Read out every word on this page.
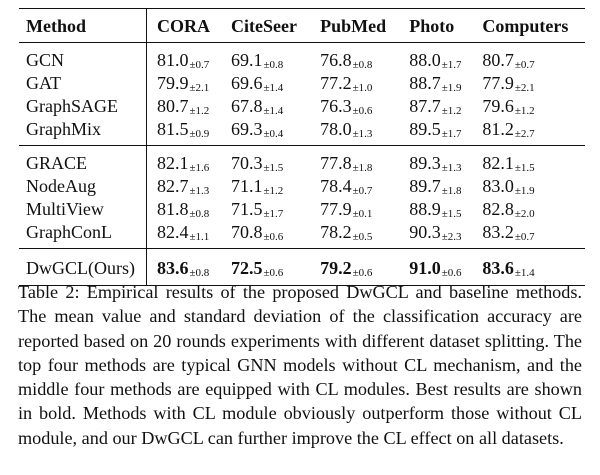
Method	CORA	CiteSeer	PubMed	Photo	Computers
GCN	81.0±0.7	69.1±0.8	76.8±0.8	88.0±1.7	80.7±0.7
GAT	79.9±2.1	69.6±1.4	77.2±1.0	88.7±1.9	77.9±2.1
GraphSAGE	80.7±1.2	67.8±1.4	76.3±0.6	87.7±1.2	79.6±1.2
GraphMix	81.5±0.9	69.3±0.4	78.0±1.3	89.5±1.7	81.2±2.7
GRACE	82.1±1.6	70.3±1.5	77.8±1.8	89.3±1.3	82.1±1.5
NodeAug	82.7±1.3	71.1±1.2	78.4±0.7	89.7±1.8	83.0±1.9
MultiView	81.8±0.8	71.5±1.7	77.9±0.1	88.9±1.5	82.8±2.0
GraphConL	82.4±1.1	70.8±0.6	78.2±0.5	90.3±2.3	83.2±0.7
DwGCL(Ours)	83.6±0.8	72.5±0.6	79.2±0.6	91.0±0.6	83.6±1.4

Table 2: Empirical results of the proposed DwGCL and baseline methods. The mean value and standard deviation of the classification accuracy are reported based on 20 rounds experiments with different dataset splitting. The top four methods are typical GNN models without CL mechanism, and the middle four methods are equipped with CL modules. Best results are shown in bold. Methods with CL module obviously outperform those without CL module, and our DwGCL can further improve the CL effect on all datasets.
